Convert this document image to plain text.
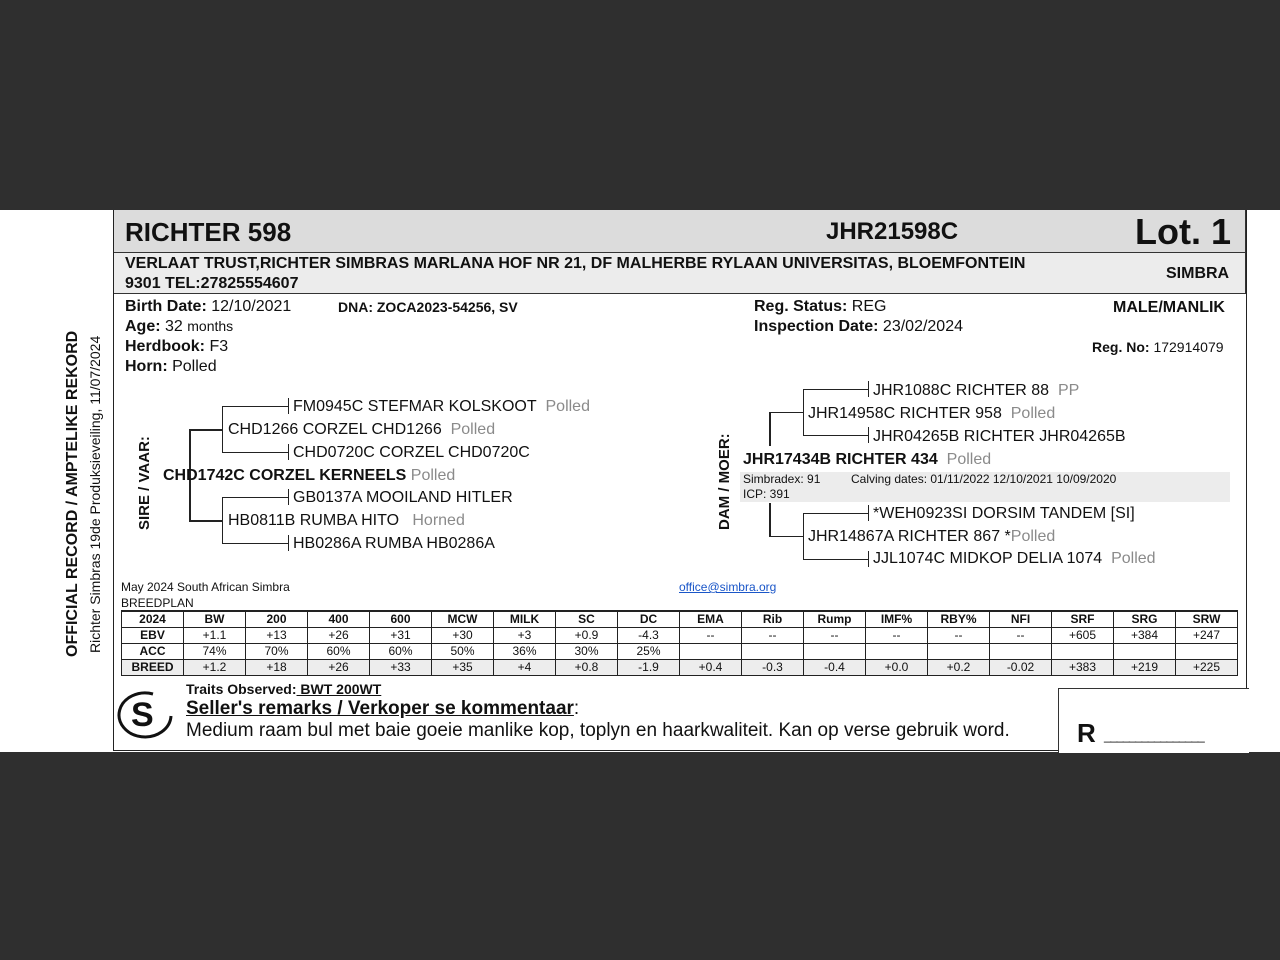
RICHTER 598	JHR21598C	Lot. 1
VERLAAT TRUST,RICHTER SIMBRAS MARLANA HOF NR 21, DF MALHERBE RYLAAN UNIVERSITAS, BLOEMFONTEIN
9301 TEL:27825554607
SIMBRA
OFFICIAL RECORD / AMPTELIKE REKORD Richter Simbras 19de Produksieveiling, 11/07/2024
Birth Date: 12/10/2021	DNA: ZOCA2023-54256, SV
Age: 32 months
Herdbook: F3
Horn: Polled
Reg. Status: REG
Inspection Date: 23/02/2024
MALE/MANLIK
Reg. No: 172914079
SIRE / VAAR:
FM0945C STEFMAR KOLSKOOT Polled
CHD1266 CORZEL CHD1266 Polled
CHD0720C CORZEL CHD0720C
CHD1742C CORZEL KERNEELS Polled
GB0137A MOOILAND HITLER
HB0811B RUMBA HITO Horned
HB0286A RUMBA HB0286A
DAM / MOER:
JHR1088C RICHTER 88 PP
JHR14958C RICHTER 958 Polled
JHR04265B RICHTER JHR04265B
JHR17434B RICHTER 434 Polled
Simbradex: 91	Calving dates: 01/11/2022 12/10/2021 10/09/2020
ICP: 391
*WEH0923SI DORSIM TANDEM [SI]
JHR14867A RICHTER 867 *Polled
JJL1074C MIDKOP DELIA 1074 Polled
May 2024 South African Simbra
BREEDPLAN
office@simbra.org
2024	BW	200	400	600	MCW	MILK	SC	DC	EMA	Rib	Rump	IMF%	RBY%	NFI	SRF	SRG	SRW
EBV	+1.1	+13	+26	+31	+30	+3	+0.9	-4.3	--	--	--	--	--	--	+605	+384	+247
ACC	74%	70%	60%	60%	50%	36%	30%	25%									
BREED	+1.2	+18	+26	+33	+35	+4	+0.8	-1.9	+0.4	-0.3	-0.4	+0.0	+0.2	-0.02	+383	+219	+225
S
Traits Observed: BWT 200WT
Seller's remarks / Verkoper se kommentaar:
Medium raam bul met baie goeie manlike kop, toplyn en haarkwaliteit. Kan op verse gebruik word.	R ________________
